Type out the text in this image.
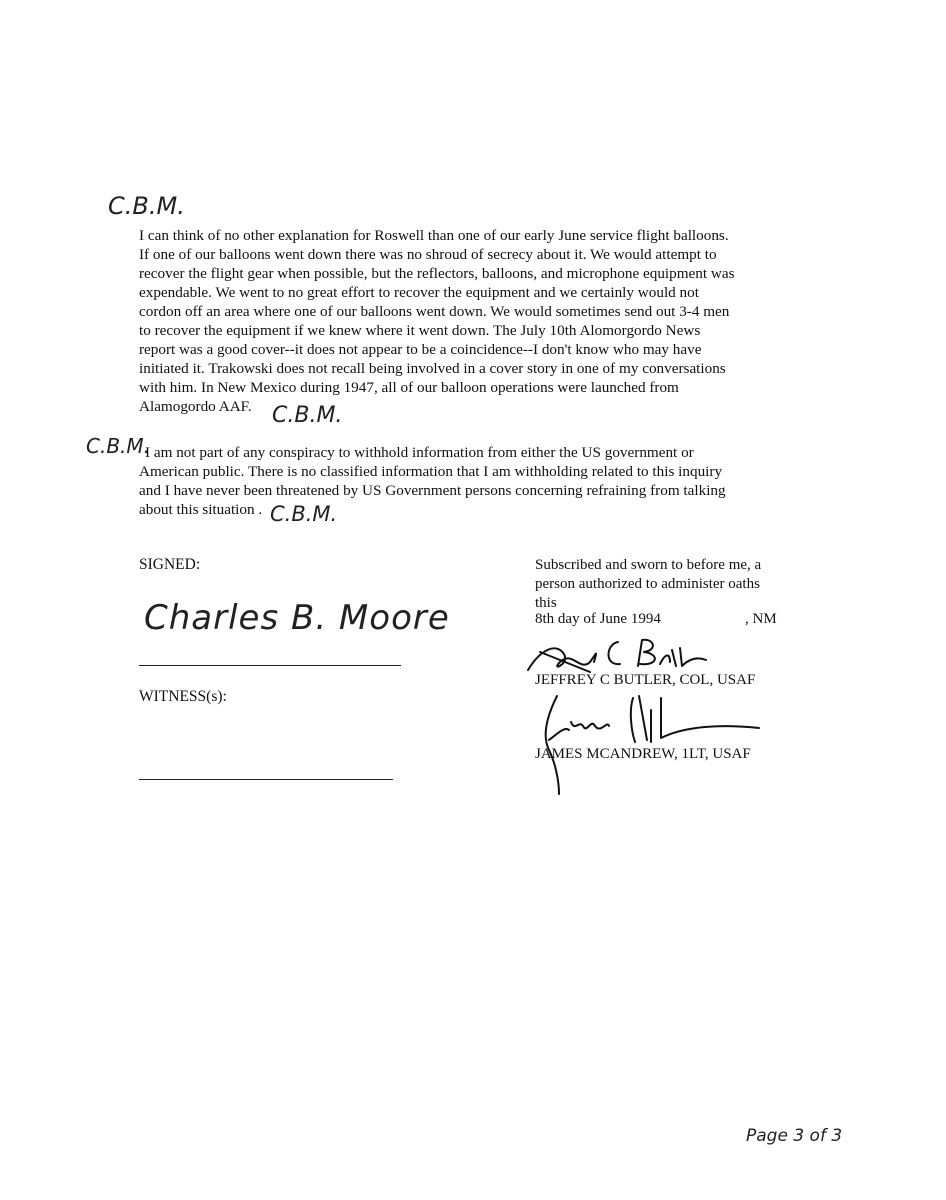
C.B.M.
I can think of no other explanation for Roswell than one of our early June service flight balloons.
If one of our balloons went down there was no shroud of secrecy about it. We would attempt to
recover the flight gear when possible, but the reflectors, balloons, and microphone equipment was
expendable. We went to no great effort to recover the equipment and we certainly would not
cordon off an area where one of our balloons went down. We would sometimes send out 3-4 men
to recover the equipment if we knew where it went down. The July 10th Alomorgordo News
report was a good cover--it does not appear to be a coincidence--I don't know who may have
initiated it. Trakowski does not recall being involved in a cover story in one of my conversations
with him. In New Mexico during 1947, all of our balloon operations were launched from
Alamogordo AAF. C.B.M.
C.B.M.
I am not part of any conspiracy to withhold information from either the US government or
American public. There is no classified information that I am withholding related to this inquiry
and I have never been threatened by US Government persons concerning refraining from talking
about this situation . C.B.M.
SIGNED:
Charles B. Moore
WITNESS(s):
Subscribed and sworn to before me, a
person authorized to administer oaths
this
8th day of June 1994	, NM
JEFFREY C BUTLER, COL, USAF
JAMES MCANDREW, 1LT, USAF
Page 3 of 3
